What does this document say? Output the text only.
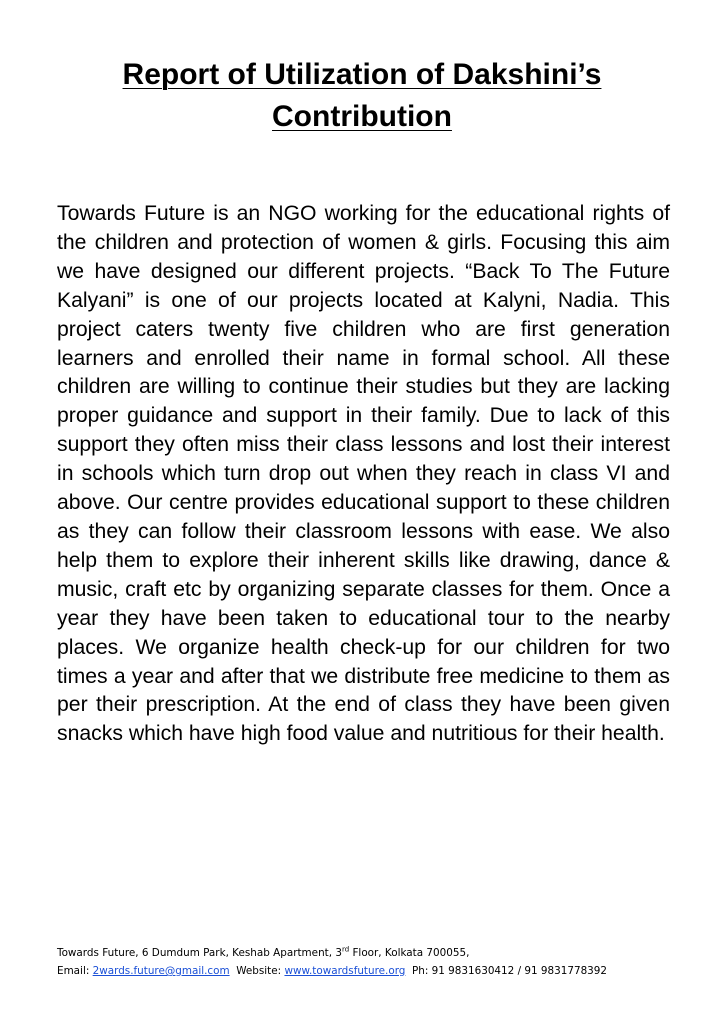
Report of Utilization of Dakshini’s
Contribution

Towards Future is an NGO working for the educational rights of the children and protection of women & girls. Focusing this aim we have designed our different projects. “Back To The Future Kalyani” is one of our projects located at Kalyni, Nadia. This project caters twenty five children who are first generation learners and enrolled their name in formal school. All these children are willing to continue their studies but they are lacking proper guidance and support in their family. Due to lack of this support they often miss their class lessons and lost their interest in schools which turn drop out when they reach in class VI and above. Our centre provides educational support to these children as they can follow their classroom lessons with ease. We also help them to explore their inherent skills like drawing, dance & music, craft etc by organizing separate classes for them. Once a year they have been taken to educational tour to the nearby places. We organize health check-up for our children for two times a year and after that we distribute free medicine to them as per their prescription. At the end of class they have been given snacks which have high food value and nutritious for their health.

Towards Future, 6 Dumdum Park, Keshab Apartment, 3rd Floor, Kolkata 700055,
Email: 2wards.future@gmail.com  Website: www.towardsfuture.org  Ph: 91 9831630412 / 91 9831778392
